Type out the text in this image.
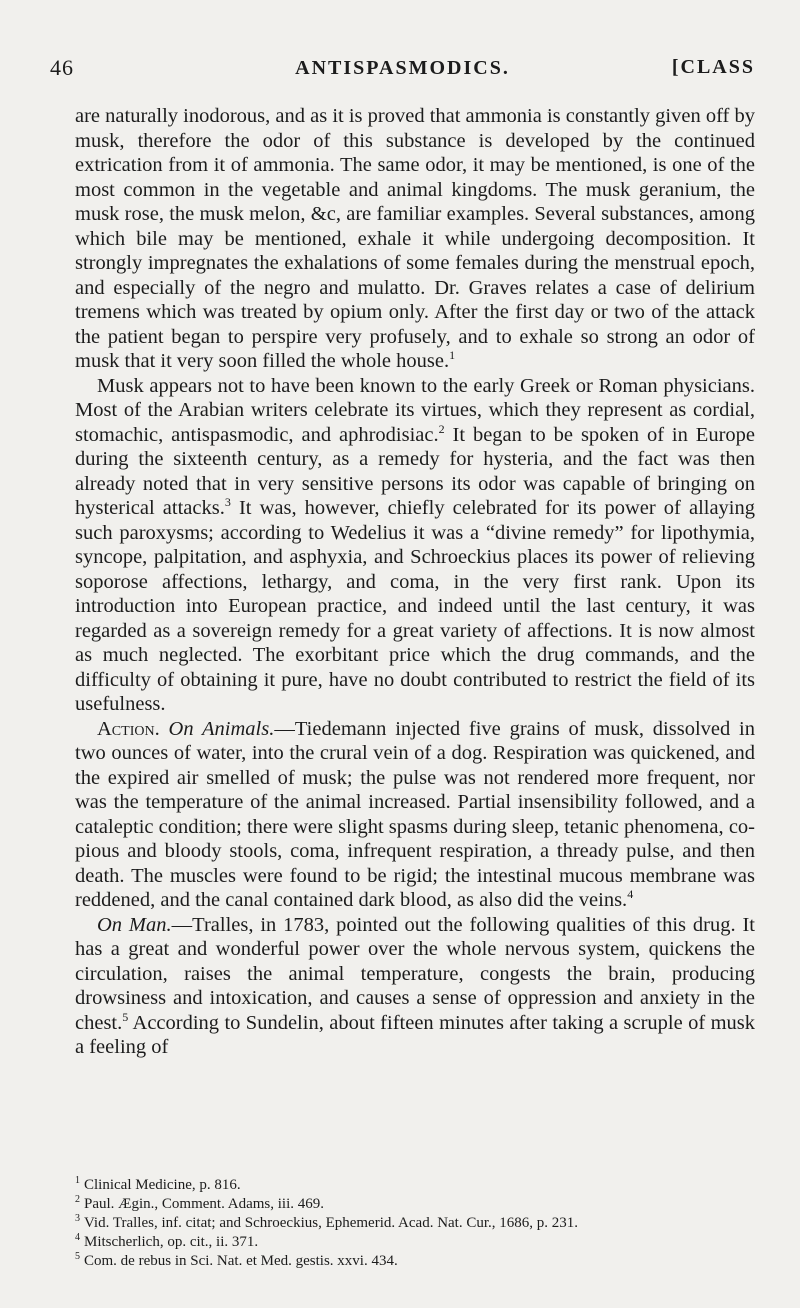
46	ANTISPASMODICS.	[CLASS

are naturally inodorous, and as it is proved that ammonia is constantly given off by musk, therefore the odor of this substance is developed by the continued extrication from it of ammonia. The same odor, it may be mentioned, is one of the most common in the vegetable and animal kingdoms. The musk geranium, the musk rose, the musk melon, &c, are familiar examples. Several substances, among which bile may be mentioned, exhale it while undergoing decomposition. It strongly impregnates the exhalations of some females during the menstrual epoch, and especially of the negro and mulatto. Dr. Graves relates a case of delirium tremens which was treated by opium only. After the first day or two of the attack the patient began to perspire very profusely, and to exhale so strong an odor of musk that it very soon filled the whole house.$^1$

Musk appears not to have been known to the early Greek or Roman physicians. Most of the Arabian writers celebrate its virtues, which they represent as cordial, stomachic, antispasmodic, and aphrodisiac.$^2$ It began to be spoken of in Europe during the sixteenth century, as a remedy for hysteria, and the fact was then already noted that in very sensitive persons its odor was capable of bringing on hysterical attacks.$^3$ It was, however, chiefly celebrated for its power of allaying such paroxysms; according to Wedelius it was a “divine remedy” for lipothymia, syncope, palpitation, and asphyxia, and Schroeckius places its power of relieving soporose affections, lethargy, and coma, in the very first rank. Upon its introduction into European practice, and indeed until the last century, it was regarded as a sovereign remedy for a great variety of affections. It is now almost as much neglected. The exorbitant price which the drug commands, and the difficulty of obtaining it pure, have no doubt contributed to restrict the field of its usefulness.

Action. On Animals.—Tiedemann injected five grains of musk, dissolved in two ounces of water, into the crural vein of a dog. Respiration was quickened, and the expired air smelled of musk; the pulse was not rendered more frequent, nor was the temperature of the animal increased. Partial insensibility followed, and a cataleptic condition; there were slight spasms during sleep, tetanic phenomena, copious and bloody stools, coma, infrequent respiration, a thready pulse, and then death. The muscles were found to be rigid; the intestinal mucous membrane was reddened, and the canal contained dark blood, as also did the veins.$^4$

On Man.—Tralles, in 1783, pointed out the following qualities of this drug. It has a great and wonderful power over the whole nervous system, quickens the circulation, raises the animal temperature, congests the brain, producing drowsiness and intoxication, and causes a sense of oppression and anxiety in the chest.$^5$ According to Sundelin, about fifteen minutes after taking a scruple of musk a feeling of

$^1$ Clinical Medicine, p. 816.
$^2$ Paul. Ægin., Comment. Adams, iii. 469.
$^3$ Vid. Tralles, inf. citat; and Schroeckius, Ephemerid. Acad. Nat. Cur., 1686, p. 231.
$^4$ Mitscherlich, op. cit., ii. 371.
$^5$ Com. de rebus in Sci. Nat. et Med. gestis. xxvi. 434.
